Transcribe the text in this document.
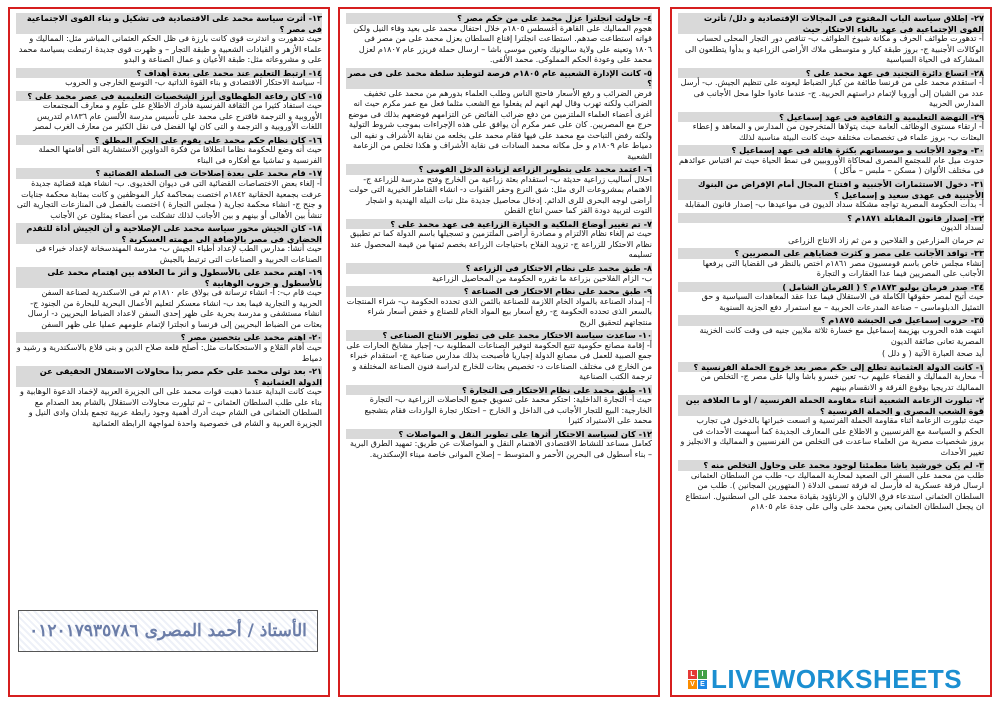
٢٧- إطلاق سياسة الباب المفتوح فى المجالات الإقتصادية و دلل/ تأثرت القوى الإجتماعية فى عهد بالغاء الاحتكار حيث
أ- تدهورت طوائف الحرف و مكانة شيوخ الطوائف ب- تناقص دور التجار المحلى لحساب الوكالات الأجنبية ج- بروز طبقة كبار و متوسطى ملاك الأراضى الزراعية و بدأوا يتطلعون الى المشاركة فى الحياة السياسية
٢٨- اتساع دائرة التجنيد فى عهد محمد على ؟
أ- استقدم محمد على من فرنسا طائفة من كبار الضباط ليعونه على تنظيم الجيش. ب- أرسل عدد من الشبان إلى أوروبا لإتمام دراستهم الحربية. ج- عندما عادوا حلوا محل الأجانب فى المدارس الحربية
٢٩- النهضة التعليمية و الثقافية فى عهد إسماعيل ؟
أ- ارتقاء مستوى الوظائف العامة حيث يتولاها المتخرجون من المدارس و المعاهد و إعطاء البعثات ب- بروز علماء فى تخصصات مختلفة حيث كانت البيئة مناسبة لذلك
٣٠- وجود الأجانب و موسساتهم بكثرة هائلة فى عهد إسماعيل ؟
حدوث ميل عام للمجتمع المصرى لمحاكاة الأوروبيين فى نمط الحياة حيث تم اقتباس عوائدهم فى مختلف الألوان ( مسكن – ملبس – مأكل )
٣١- دخول الاستثمارات الأجنبية و افتتاح المجال أمام الإقراض من البنوك الأجنبية فى عهدى سعيد و إسماعيل ؟
أ- بدأت الحكومة المصرية تواجه مشكلة سداد الديون فى مواعيدها ب- إصدار قانون المقابلة
٣٢- إصدار قانون المقابلة ١٨٧١م ؟
لسداد الديون
تم حرمان المزارعين و الفلاحين و من ثم زاد الانتاج الزراعى
٣٣- توافد الأجانب على مصر و كثرت قضاياهم على المصريين ؟
إنشاء مجلس خاص باسم قومسيون مصر ١٨٦١م اختص بالنظر فى القضايا التى يرفعها الأجانب على المصريين فيما عدا العقارات و التجارة
٣٤- صدر فرمان يوليو ١٨٧٣م ؟ ( الفرمان الشامل )
حيث أتيح لمصر حقوقها الكاملة فى الاستقلال فيما عدا عقد المعاهدات السياسية و حق التمثيل الدبلوماسى – صناعة المدرعات الحربية – مع استمرار دفع الجزية السنوية
٣٥- حروب إسماعيل فى الحبشة ١٨٧٥م ؟
انتهت هذه الحروب بهزيمة إسماعيل مع خسارة ثلاثة ملايين جنيه فى وقت كانت الخزينة المصرية تعانى ضائقة الديون
أيد صحة العبارة الآتية ( و دلل )
١- كانت الدولة العثمانية تطلع إلى حكم مصر بعد خروج الحملة الفرنسية ؟
أ- محاربة المماليك و القضاء عليهم ب- تعين خسرو باشا واليا على مصر ج- التخلص من المماليك تدريجيا بوقوع الفرقة و الانقسام بينهم
٢- تبلورت الزعامة الشعبية أثناء مقاومة الحملة الفرنسية / أو ما العلاقة بين قوة الشعب المصرى و الحملة الفرنسية ؟
حيث تبلورت الزعامة أثناء مقاومة الحملة الفرنسية و اتسعت خبراتها بالدخول فى تجارب الحكم و السياسة مع الفرنسيين و الاطلاع على المعارف الجديدة كما أسهمت الأحداث فى بروز شخصيات مصرية من العلماء ساعدت فى التخلص من الفرنسيين و المماليك و الانجليز و تغيير الأحداث
٣- لم يكن خورشيد باشا مطمئنا لوجود محمد على وحاول التخلص منه ؟
طلب من محمد على السفر الى الصعيد لمحاربة المماليك ب- طلب من السلطان العثمانى ارسال فرقة عسكرية له فأرسل له فرقة تسمى الدلاة ( المتهورين المجانين ). طلب من السلطان العثمانى استدعاء فرق الالبان و الارناؤود بقيادة محمد على الى اسطنبول. استطاع ان يجعل السلطان العثمانى يعين محمد على والى على جدة عام ١٨٠٥م
٤- حاولت انجلترا عزل محمد على من حكم مصر ؟
هجوم المماليك على القاهرة أغسطس ١٨٠٥م خلال احتفال محمد على بعيد وفاء النيل ولكن قواته استطاعت صدهم. استطاعت انجلترا إقناع السلطان بعزل محمد على من مصر فى ١٨٠٦ وتعينه على ولاية سالونيك وتعين موسى باشا – ارسال حملة فريزر عام ١٨٠٧م لعزل محمد على وعودة الحكم المملوكى. محمد الألفى.
٥- كانت الإدارة الشعبية عام ١٨٠٥م فرصة لتوطيد سلطة محمد على فى مصر ؟
فرض الضرائب و رفع الأسعار فاحتج الناس وطلب العلماء بدورهم من محمد على تخفيف الضرائب ولكنه تهرب وقال لهم انهم لم يفعلوا مع الشعب مثلما فعل مع عمر مكرم حيث انه أغرى أعضاء العلماء الملتزمين من دفع ضرائب الفائض عن التزامهم فوضعهم بذلك فى موضع حرج مع المصريين. كان على عمر مكرم أن يوافق على هذه الإجراءات بموجب شروط التولية ولكنه رفض التباحث مع محمد على فيها فقام محمد على بخلعه من نقابة الأشراف و نفيه الى دمياط عام ١٨٠٩م و حل مكانه محمد السادات فى نقابة الأشراف و هكذا تخلص من الزعامة الشعبية
٦- اعتمد محمد على بتطوير الزراعة لزيادة الدخل القومى ؟
احلال أساليب زراعية حديثة ب- استقدام بعثة زراعية من الخارج وفتح مدرسة للزراعة ج- الاهتمام بمشروعات الرى مثل: شق الترع وحفر القنوات د- انشاء القناطر الخيرية التى حولت أراضى لوجه البحرى للرى الدائم. إدخال محاصيل جديدة مثل نبات النيلة الهندية و اشجار التوت لتربية دودة القز كما حسن انتاج القطن
٧- تم تغيير أوضاع الملكية و الحيازة الزراعية فى عهد محمد على ؟
حيث تم إلغاء نظام الالتزام و مصادرة أراضى الملتزمين و تسجيلها باسم الدولة كما تم تطبيق نظام الاحتكار للزراعة ج- تزويد الفلاح باحتياجات الزراعة بخصم ثمنها من قيمة المحصول عند تسليمه
٨- طبق محمد على نظام الاحتكار فى الزراعة ؟
ب- الزام الفلاحين بزراعة ما تقرره الحكومة من المحاصيل الزراعية
٩- طبق محمد على نظام الاحتكار فى الصناعة ؟
أ- إمداد الصناعة بالمواد الخام اللازمة للصناعة بالثمن الذى تحدده الحكومة ب- شراء المنتجات بالسعر الذى تحدده الحكومة ج- رفع أسعار بيع المواد الخام للصناع و خفض أسعار شراء منتجاتهم لتحقيق الربح
١٠- ساعدت سياسة الاحتكار محمد على فى تطوير الانتاج الصناعى ؟
أ- إقامة مصانع حكومية تتبع الحكومة لتوفير الصناعات المطلوبة ب- إجبار مشايخ الحارات على جمع الصبية للعمل فى مصانع الدولة إجباريا فأصبحت بذلك مدارس صناعية ج- استقدام خبراء من الخارج فى مختلف الصناعات د- تخصيص بعثات للخارج لدراسة فنون الصناعة المختلفة و ترجمة الكتب الصناعية
١١- طبق محمد على نظام الاحتكار فى التجارة ؟
حيث أ- التجارة الداخلية: احتكر محمد على تسويق جميع الحاصلات الزراعية ب- التجارة الخارجية: البيع للتجار الأجانب فى الداخل و الخارج – احتكار تجارة الواردات فقام بتشجيع محمد على الاستيراد كثيرا
١٢- كان لسياسة الاحتكار أثرها على تطوير النقل و المواصلات ؟
كعامل مساعد للنشاط الاقتصادى الاهتمام النقل و المواصلات عن طريق: تمهيد الطرق البرية – بناء أسطول فى البحرين الأحمر و المتوسط – إصلاح الموانى خاصة ميناء الإسكندرية.
١٣- أثرت سياسة محمد على الاقتصادية فى تشكيل و بناء القوى الاجتماعية فى مصر ؟
حيث تدهورت و اندثرت قوى كانت بارزة فى ظل الحكم العثمانى المباشر مثل: المماليك و علماء الأزهر و القيادات الشعبية و طبقة التجار – و ظهرت قوى جديدة ارتبطت بسياسة محمد على و مشروعاته مثل: طبقة الأعيان و عمال الصناعة و البدو
١٤- ارتبط التعليم عند محمد على بعدة أهداف ؟
أ- سياسة الاحتكار الاقتصادى و بناء القوة الذاتية ب- التوسع الخارجى و الحروب
١٥- كان رفاعة الطهطاوى أبرز الشخصيات التعليمية فى عصر محمد على ؟
حيث استفاد كثيرا من الثقافة الفرنسية فأدرك الاطلاع على علوم و معارف المجتمعات الأوروبية و الترجمة فاقترح على محمد على تأسيس مدرسة الألسن عام ١٨٣٦م لتدريس اللغات الأوروبية و الترجمة و التى كان لها الفضل فى نقل الكثير من معارف الغرب لمصر
١٦- كان نظام حكم محمد على يقوم على الحكم المطلق ؟
حيث أنه وضع للحكومة نظاما انطلاقا من فكرة الدواوين الاستشارية التى أقامتها الحملة الفرنسية و تماشيا مع أفكاره فى البناء
١٧- قام محمد على بعدة إصلاحات فى السلطة القضائية ؟
أ- إلغاء بعض الاختصاصات القضائية التى فى ديوان الخديوى. ب- انشاء هيئة قضائية جديدة عرفت بجمعية الحقانية ١٨٤٢م اختصت بمحاكمة كبار الموظفين و كانت بمثابة محكمة جنايات و جنح ج- انشاء محكمة تجارية ( مجلس التجارة ) اختصت بالفصل فى المنازعات التجارية التى تنشأ بين الأهالى أو بينهم و بين الأجانب لذلك تشكلت من أعضاء يمثلون عن الأجانب
١٨- كان الجيش محور سياسة محمد على الإصلاحية و أن الجيش أداة للتقدم الحضارى فى مصر بالإضافة الى مهمته العسكرية ؟
حيث أنشأ: مدارس الطب لإعداد أطباء الجيش ب- مدرسة المهندسخانة لإعداد خبراء فى الصناعات الحربية و الصناعات التى ترتبط بالجيش
١٩- اهتم محمد على بالأسطول و أثر ما العلاقة بين اهتمام محمد على بالأسطول و حروب الوهابية ؟
حيث قام ب-: أ- انشاء ترسانة فى بولاق عام ١٨١٠م ثم فى الاسكندرية لصناعة السفن الحربية و التجارية فيما بعد ب- انشاء معسكر لتعليم الأعمال البحرية للبحارة من الجنود ج- انشاء مستشفى و مدرسة بحرية على ظهر إحدى السفن لاعداد الضباط البحريين د- ارسال بعثات من الضباط البحريين إلى فرنسا و انجلترا لإتمام علومهم عمليا على ظهر السفن
٢٠- اهتم محمد على بتحصين مصر ؟
حيث أقام القلاع و الاستحكامات مثل: أصلح قلعة صلاح الدين و بنى قلاع بالاسكندرية و رشيد و دمياط
٢١- بعد تولى محمد على حكم مصر بدأ محاولات الاستقلال الحقيقى عن الدولة العثمانية ؟
حيث كانت البداية عندما ذهبت قوات محمد على الى الجزيرة العربية لإخماد الدعوة الوهابية و بناء على طلب السلطان العثمانى – ثم تبلورت محاولات الاستقلال بالشام بعد الصدام مع السلطان العثمانى فى الشام حيث أدرك أهمية وجود رابطة عربية تجمع بلدان وادى النيل و الجزيرة العربية و الشام فى خصوصية واحدة لمواجهة الرابطة العثمانية
الأستاذ / أحمد المصرى ٠١٢٠١٧٩٣٥٧٨٦
L I
V E LIVEWORKSHEETS
